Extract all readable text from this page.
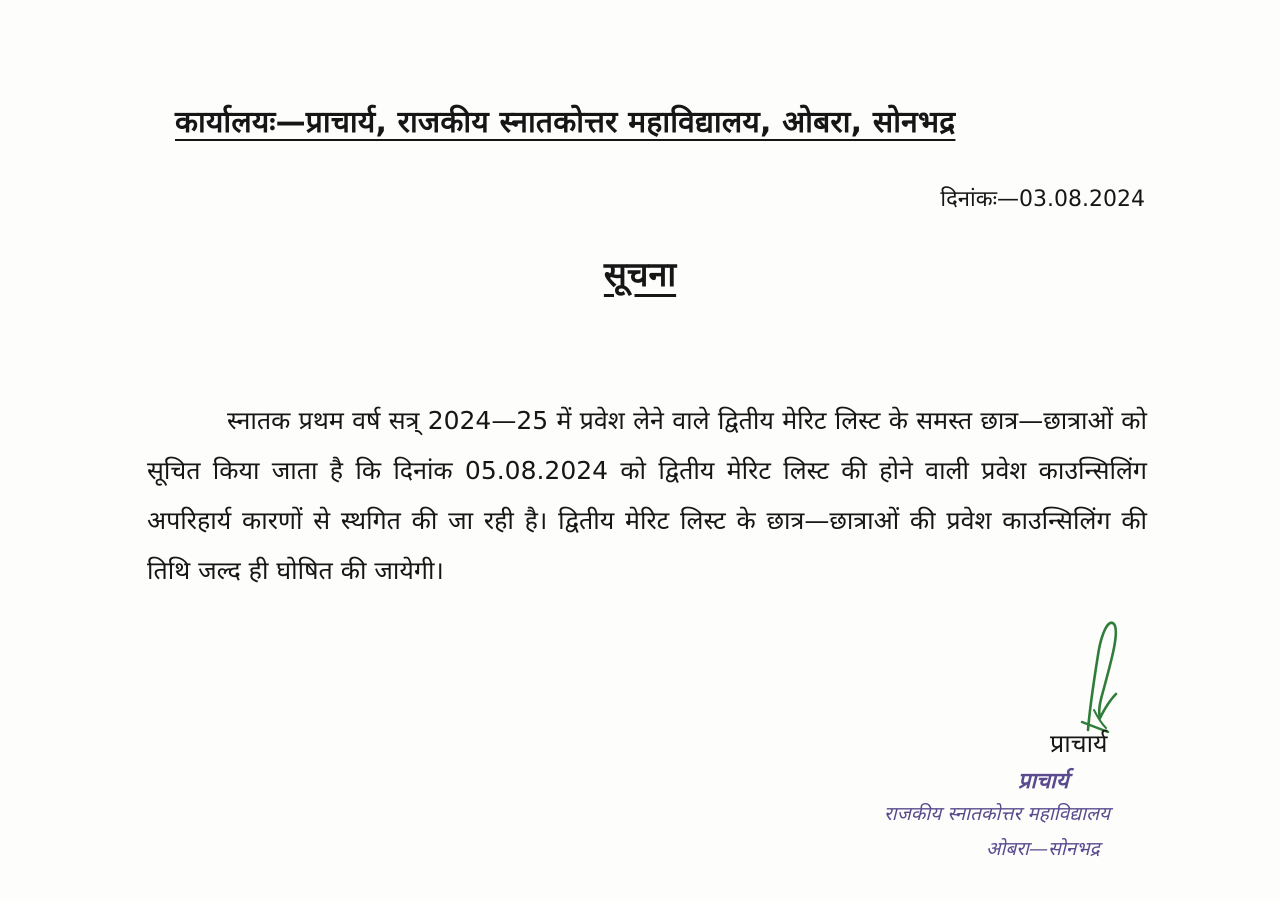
कार्यालयः—प्राचार्य, राजकीय स्नातकोत्तर महाविद्यालय, ओबरा, सोनभद्र
दिनांकः—03.08.2024
सूचना

स्नातक प्रथम वर्ष सत्र् 2024—25 में प्रवेश लेने वाले द्वितीय मेरिट लिस्ट के समस्त छात्र—छात्राओं को सूचित किया जाता है कि दिनांक 05.08.2024 को द्वितीय मेरिट लिस्ट की होने वाली प्रवेश काउन्सिलिंग अपरिहार्य कारणों से स्थगित की जा रही है। द्वितीय मेरिट लिस्ट के छात्र—छात्राओं की प्रवेश काउन्सिलिंग की तिथि जल्द ही घोषित की जायेगी।

प्राचार्य
प्राचार्य
राजकीय स्नातकोत्तर महाविद्यालय
ओबरा—सोनभद्र
